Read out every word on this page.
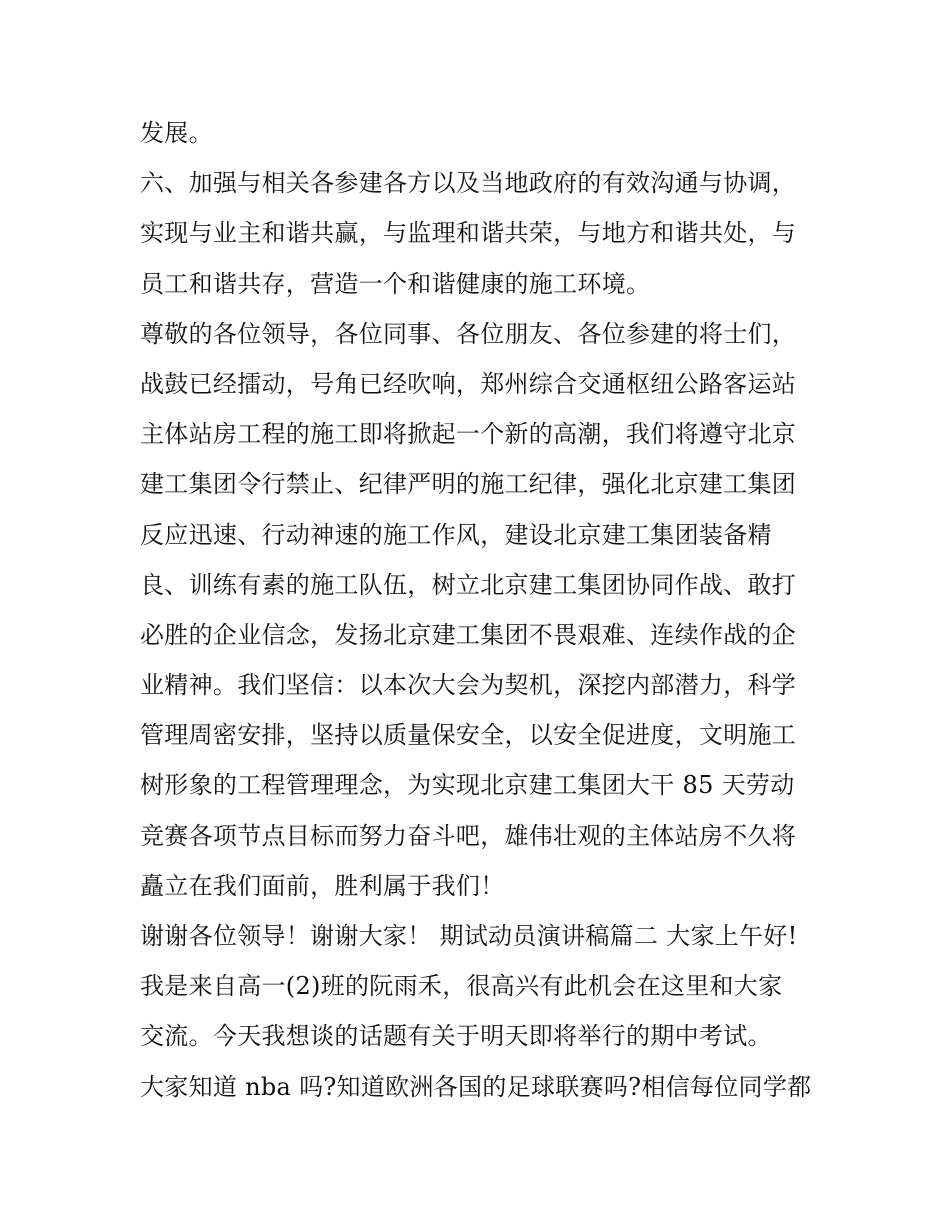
发展。
六、加强与相关各参建各方以及当地政府的有效沟通与协调，
实现与业主和谐共赢，与监理和谐共荣，与地方和谐共处，与
员工和谐共存，营造一个和谐健康的施工环境。
尊敬的各位领导，各位同事、各位朋友、各位参建的将士们，
战鼓已经擂动，号角已经吹响，郑州综合交通枢纽公路客运站
主体站房工程的施工即将掀起一个新的高潮，我们将遵守北京
建工集团令行禁止、纪律严明的施工纪律，强化北京建工集团
反应迅速、行动神速的施工作风，建设北京建工集团装备精
良、训练有素的施工队伍，树立北京建工集团协同作战、敢打
必胜的企业信念，发扬北京建工集团不畏艰难、连续作战的企
业精神。我们坚信：以本次大会为契机，深挖内部潜力，科学
管理周密安排，坚持以质量保安全，以安全促进度，文明施工
树形象的工程管理理念，为实现北京建工集团大干 85 天劳动
竞赛各项节点目标而努力奋斗吧，雄伟壮观的主体站房不久将
矗立在我们面前，胜利属于我们！
谢谢各位领导！谢谢大家！ 期试动员演讲稿篇二 大家上午好!
我是来自高一(2)班的阮雨禾，很高兴有此机会在这里和大家
交流。今天我想谈的话题有关于明天即将举行的期中考试。
大家知道 nba 吗?知道欧洲各国的足球联赛吗?相信每位同学都
